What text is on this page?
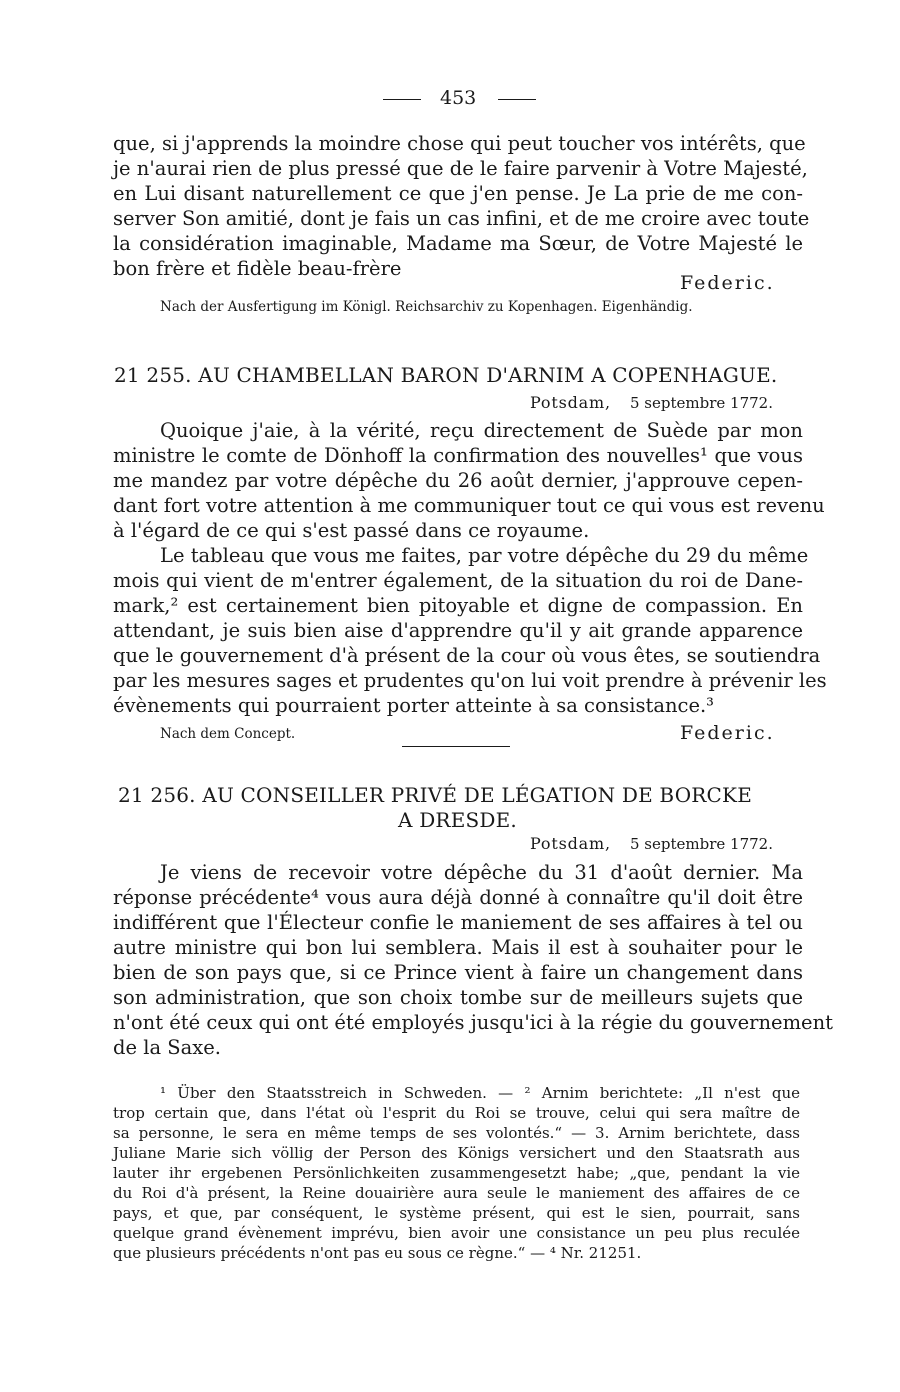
453

que, si j'apprends la moindre chose qui peut toucher vos intérêts, que

je n'aurai rien de plus pressé que de le faire parvenir à Votre Majesté,

en Lui disant naturellement ce que j'en pense. Je La prie de me con-

server Son amitié, dont je fais un cas infini, et de me croire avec toute

la considération imaginable, Madame ma Sœur, de Votre Majesté le

bon frère et fidèle beau-frère

Federic.

Nach der Ausfertigung im Königl. Reichsarchiv zu Kopenhagen. Eigenhändig.

21 255. AU CHAMBELLAN BARON D'ARNIM A COPENHAGUE.

Potsdam, 5 septembre 1772.

Quoique j'aie, à la vérité, reçu directement de Suède par mon

ministre le comte de Dönhoff la confirmation des nouvelles¹ que vous

me mandez par votre dépêche du 26 août dernier, j'approuve cepen-

dant fort votre attention à me communiquer tout ce qui vous est revenu

à l'égard de ce qui s'est passé dans ce royaume.

Le tableau que vous me faites, par votre dépêche du 29 du même

mois qui vient de m'entrer également, de la situation du roi de Dane-

mark,² est certainement bien pitoyable et digne de compassion. En

attendant, je suis bien aise d'apprendre qu'il y ait grande apparence

que le gouvernement d'à présent de la cour où vous êtes, se soutiendra

par les mesures sages et prudentes qu'on lui voit prendre à prévenir les

évènements qui pourraient porter atteinte à sa consistance.³

Nach dem Concept.	Federic.

21 256. AU CONSEILLER PRIVÉ DE LÉGATION DE BORCKE

A DRESDE.

Potsdam, 5 septembre 1772.

Je viens de recevoir votre dépêche du 31 d'août dernier. Ma

réponse précédente⁴ vous aura déjà donné à connaître qu'il doit être

indifférent que l'Électeur confie le maniement de ses affaires à tel ou

autre ministre qui bon lui semblera. Mais il est à souhaiter pour le

bien de son pays que, si ce Prince vient à faire un changement dans

son administration, que son choix tombe sur de meilleurs sujets que

n'ont été ceux qui ont été employés jusqu'ici à la régie du gouvernement

de la Saxe.

¹ Über den Staatsstreich in Schweden. — ² Arnim berichtete: „Il n'est que

trop certain que, dans l'état où l'esprit du Roi se trouve, celui qui sera maître de

sa personne, le sera en même temps de ses volontés.“ — 3. Arnim berichtete, dass

Juliane Marie sich völlig der Person des Königs versichert und den Staatsrath aus

lauter ihr ergebenen Persönlichkeiten zusammengesetzt habe; „que, pendant la vie

du Roi d'à présent, la Reine douairière aura seule le maniement des affaires de ce

pays, et que, par conséquent, le système présent, qui est le sien, pourrait, sans

quelque grand évènement imprévu, bien avoir une consistance un peu plus reculée

que plusieurs précédents n'ont pas eu sous ce règne.“ — ⁴ Nr. 21251.
